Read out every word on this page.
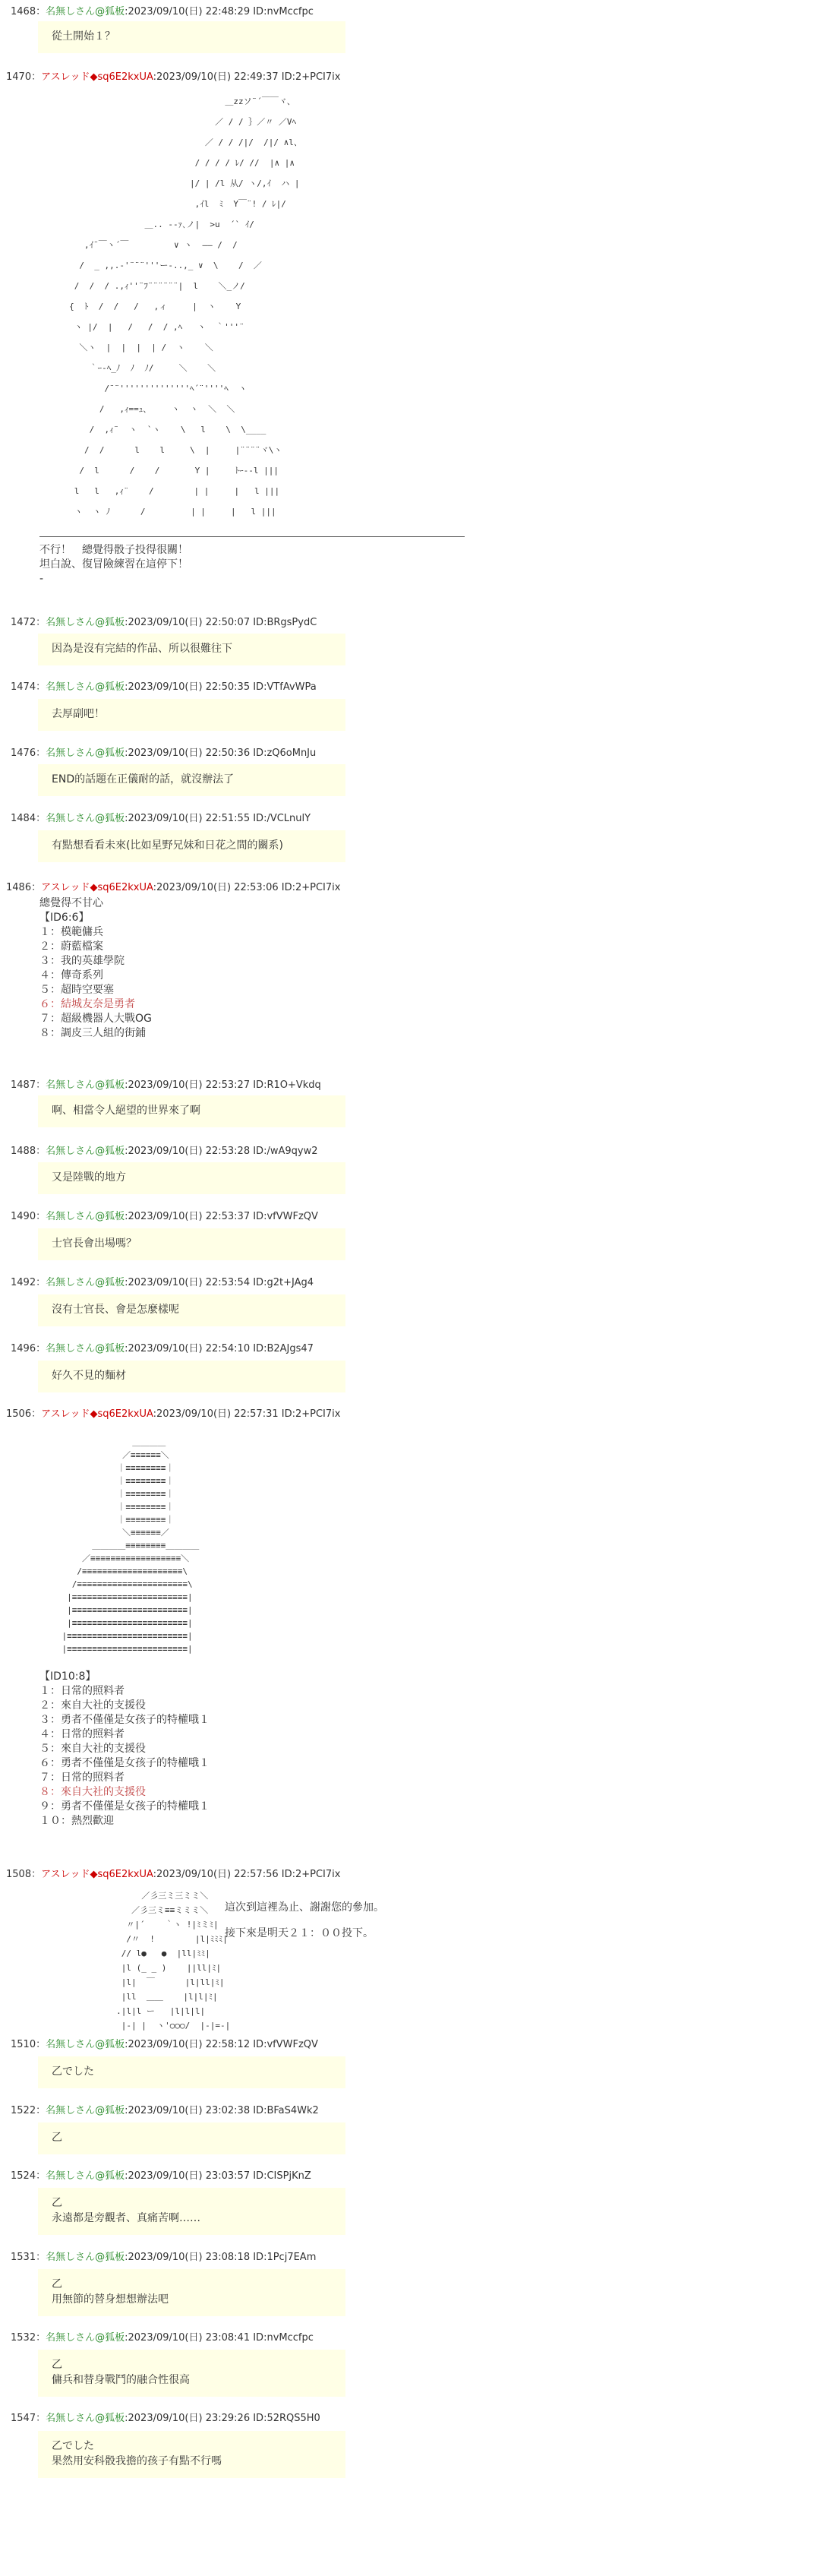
1468：名無しさん@狐板:2023/09/10(日) 22:48:29 ID:nvMccfpc
從土開始１？
1470：アスレッド◆sq6E2kxUA:2023/09/10(日) 22:49:37 ID:2+PCI7ix
＿zzソ¨´￣￣ヾ、
／ / / ｝／〃 ／Vﾍ
／ / / /|/  /|/ ∧l、
/ / / / ﾚ/ //  |∧ |∧
|/ | /l 从/ ヽ/,ｲ  ハ |
,ｲl  ﾐ  Y￣¨! / ﾚ|/
＿.. -‐ｧ､ノ|  >u  ´` ｲ/
,ｲ¨￣ヽ´￣         ∨ ヽ  ―― /  /
/  _ ,,.-'¨¨¨'''ー-..,_ ∨  \    /  ／
/  /  / .,ｨ''¨ﾌ¨¨¨¨¨¨|  l    ＼_ノ/
{  ﾄ  /  /   /   ,ィ     |  ヽ    Y
ヽ |/  |   /   /  / ,ﾍ   ヽ  ｀'''¨
＼ヽ  |  |  |  | /  ヽ    ＼
｀ｰ-ﾍ_ﾉ  ﾉ  ﾉ/     ＼    ＼
/¨¨''''''''''''''ﾍ´¨''''ﾍ  ヽ
/   ,ｨ==ｭ、    ヽ  ヽ  ＼  ＼
/  ,ｨ¨  ヽ  `ヽ    \   l    \  \____
/  /      l    l     \  |     |¨¨¨¨ヾ\ヽ
/  l      /    /       Y |     ﾄｰ--l |||
l   l   ,ｨ¨    /        | |     |   l |||
ヽ  ヽ ﾉ      /         | |     |   l |||
不行！　總覺得骰子投得很關！
坦白說、復冒險練習在這停下！
-
1472：名無しさん@狐板:2023/09/10(日) 22:50:07 ID:BRgsPydC
因為是沒有完結的作品、所以很難往下
1474：名無しさん@狐板:2023/09/10(日) 22:50:35 ID:VTfAvWPa
去厚副吧！
1476：名無しさん@狐板:2023/09/10(日) 22:50:36 ID:zQ6oMnJu
END的話題在正儀耐的話，就沒辦法了
1484：名無しさん@狐板:2023/09/10(日) 22:51:55 ID:/VCLnulY
有點想看看未來(比如星野兄妹和日花之間的關系)
1486：アスレッド◆sq6E2kxUA:2023/09/10(日) 22:53:06 ID:2+PCI7ix
總覺得不甘心
【ID6:6】
１：模範傭兵
２：蔚藍檔案
３：我的英雄學院
４：傳奇系列
５：超時空要塞
６：結城友奈是勇者
７：超級機器人大戰OG
８：調皮三人組的街鋪
1487：名無しさん@狐板:2023/09/10(日) 22:53:27 ID:R1O+Vkdq
啊、相當令人絕望的世界來了啊
1488：名無しさん@狐板:2023/09/10(日) 22:53:28 ID:/wA9qyw2
又是陸戰的地方
1490：名無しさん@狐板:2023/09/10(日) 22:53:37 ID:vfVWFzQV
士官長會出場嗎？
1492：名無しさん@狐板:2023/09/10(日) 22:53:54 ID:g2t+JAg4
沒有士官長、會是怎麼樣呢
1496：名無しさん@狐板:2023/09/10(日) 22:54:10 ID:B2AJgs47
好久不見的麵材
1506：アスレッド◆sq6E2kxUA:2023/09/10(日) 22:57:31 ID:2+PCI7ix
＿＿＿＿
／≡≡≡≡≡≡＼
｜≡≡≡≡≡≡≡≡｜
｜≡≡≡≡≡≡≡≡｜
｜≡≡≡≡≡≡≡≡｜
｜≡≡≡≡≡≡≡≡｜
｜≡≡≡≡≡≡≡≡｜
＼≡≡≡≡≡≡／
＿＿＿＿≡≡≡≡≡≡≡≡＿＿＿＿
／≡≡≡≡≡≡≡≡≡≡≡≡≡≡≡≡≡≡＼
/≡≡≡≡≡≡≡≡≡≡≡≡≡≡≡≡≡≡≡≡\
/≡≡≡≡≡≡≡≡≡≡≡≡≡≡≡≡≡≡≡≡≡≡\
|≡≡≡≡≡≡≡≡≡≡≡≡≡≡≡≡≡≡≡≡≡≡≡|
|≡≡≡≡≡≡≡≡≡≡≡≡≡≡≡≡≡≡≡≡≡≡≡|
|≡≡≡≡≡≡≡≡≡≡≡≡≡≡≡≡≡≡≡≡≡≡≡|
|≡≡≡≡≡≡≡≡≡≡≡≡≡≡≡≡≡≡≡≡≡≡≡≡|
|≡≡≡≡≡≡≡≡≡≡≡≡≡≡≡≡≡≡≡≡≡≡≡≡|
【ID10:8】
１：日常的照料者
２：來自大社的支援役
３：勇者不僅僅是女孩子的特權哦１
４：日常的照料者
５：來自大社的支援役
６：勇者不僅僅是女孩子的特權哦１
７：日常的照料者
８：來自大社的支援役
９：勇者不僅僅是女孩子的特權哦１
１０：熱烈歡迎
1508：アスレッド◆sq6E2kxUA:2023/09/10(日) 22:57:56 ID:2+PCI7ix
／彡三ミ三ミミ＼
／彡三ミ≡≡ミミミ＼
〃|´    ｀ヽ !|ﾐミﾐ|
/〃  !        |l|ﾐﾐﾐ|
// l●   ●  |ll|ﾐﾐ|
|l (_ _ )    ||ll|ﾐ|
|l|  ￣      |l|ll|ﾐ|
|ll  ＿＿    |l|l|ﾐ|
.|l|l ー   |l|l|l|
|-| |  ヽ'○○○/  |-|=-|
這次到這裡為止、謝謝您的參加。
接下來是明天２１：００投下。
1510：名無しさん@狐板:2023/09/10(日) 22:58:12 ID:vfVWFzQV
乙でした
1522：名無しさん@狐板:2023/09/10(日) 23:02:38 ID:BFaS4Wk2
乙
1524：名無しさん@狐板:2023/09/10(日) 23:03:57 ID:CISPjKnZ
乙
永遠都是旁觀者、真痛苦啊……
1531：名無しさん@狐板:2023/09/10(日) 23:08:18 ID:1Pcj7EAm
乙
用無節的替身想想辦法吧
1532：名無しさん@狐板:2023/09/10(日) 23:08:41 ID:nvMccfpc
乙
傭兵和替身戰鬥的融合性很高
1547：名無しさん@狐板:2023/09/10(日) 23:29:26 ID:52RQS5H0
乙でした
果然用安科骰我擔的孩子有點不行嗎
